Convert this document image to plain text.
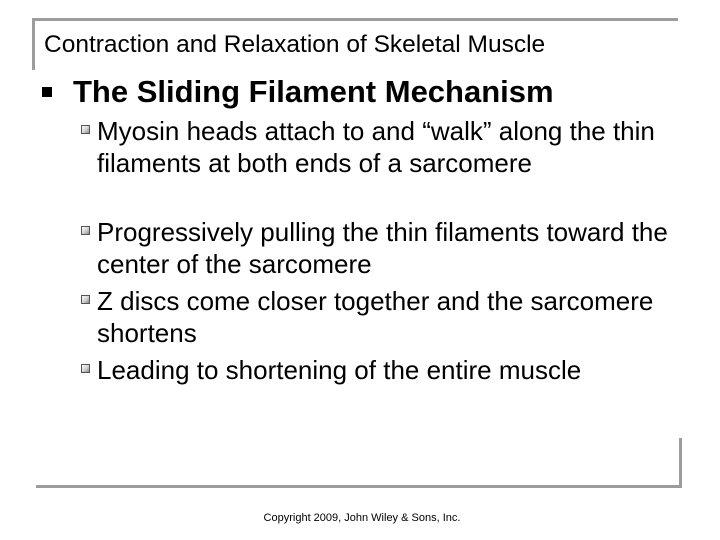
Contraction and Relaxation of Skeletal Muscle
The Sliding Filament Mechanism
Myosin heads attach to and “walk” along the thin filaments at both ends of a sarcomere
Progressively pulling the thin filaments toward the center of the sarcomere
Z discs come closer together and the sarcomere shortens
Leading to shortening of the entire muscle
Copyright 2009, John Wiley & Sons, Inc.
